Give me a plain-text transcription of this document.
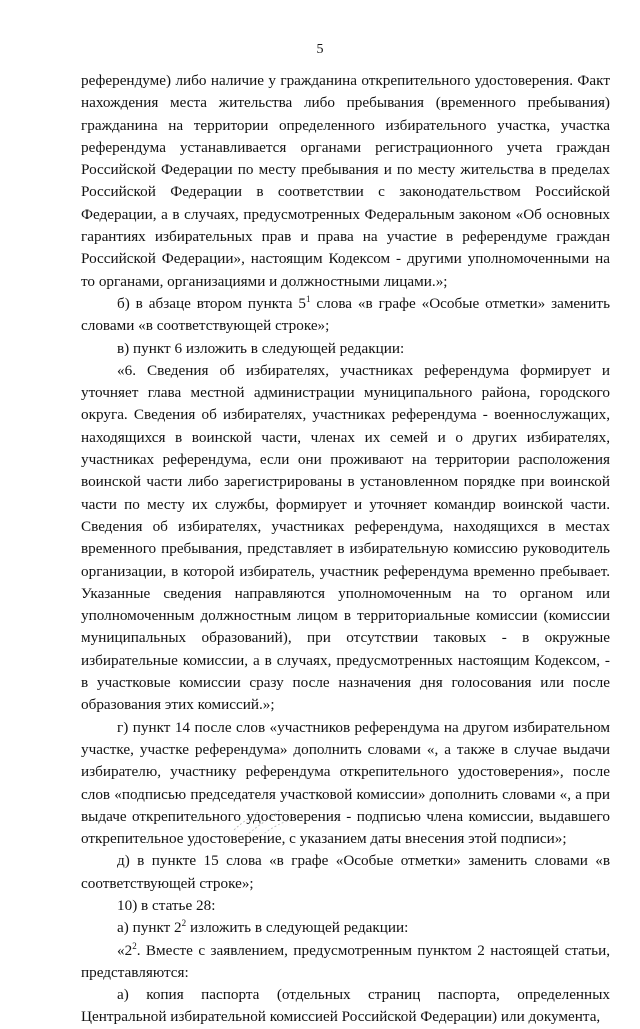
5

референдуме) либо наличие у гражданина открепительного удостоверения. Факт нахождения места жительства либо пребывания (временного пребывания) гражданина на территории определенного избирательного участка, участка референдума устанавливается органами регистрационного учета граждан Российской Федерации по месту пребывания и по месту жительства в пределах Российской Федерации в соответствии с законодательством Российской Федерации, а в случаях, предусмотренных Федеральным законом «Об основных гарантиях избирательных прав и права на участие в референдуме граждан Российской Федерации», настоящим Кодексом - другими уполномоченными на то органами, организациями и должностными лицами.»;

б) в абзаце втором пункта $5^1$ слова «в графе «Особые отметки» заменить словами «в соответствующей строке»;

в) пункт 6 изложить в следующей редакции:

«6. Сведения об избирателях, участниках референдума формирует и уточняет глава местной администрации муниципального района, городского округа. Сведения об избирателях, участниках референдума - военнослужащих, находящихся в воинской части, членах их семей и о других избирателях, участниках референдума, если они проживают на территории расположения воинской части либо зарегистрированы в установленном порядке при воинской части по месту их службы, формирует и уточняет командир воинской части. Сведения об избирателях, участниках референдума, находящихся в местах временного пребывания, представляет в избирательную комиссию руководитель организации, в которой избиратель, участник референдума временно пребывает. Указанные сведения направляются уполномоченным на то органом или уполномоченным должностным лицом в территориальные комиссии (комиссии муниципальных образований), при отсутствии таковых - в окружные избирательные комиссии, а в случаях, предусмотренных настоящим Кодексом, - в участковые комиссии сразу после назначения дня голосования или после образования этих комиссий.»;

г) пункт 14 после слов «участников референдума на другом избирательном участке, участке референдума» дополнить словами «, а также в случае выдачи избирателю, участнику референдума открепительного удостоверения», после слов «подписью председателя участковой комиссии» дополнить словами «, а при выдаче открепительного удостоверения - подписью члена комиссии, выдавшего открепительное удостоверение, с указанием даты внесения этой подписи»;

д) в пункте 15 слова «в графе «Особые отметки» заменить словами «в соответствующей строке»;

10) в статье 28:

а) пункт $2^2$ изложить в следующей редакции:

«$2^2$. Вместе с заявлением, предусмотренным пунктом 2 настоящей статьи, представляются:

а) копия паспорта (отдельных страниц паспорта, определенных Центральной избирательной комиссией Российской Федерации) или документа,
